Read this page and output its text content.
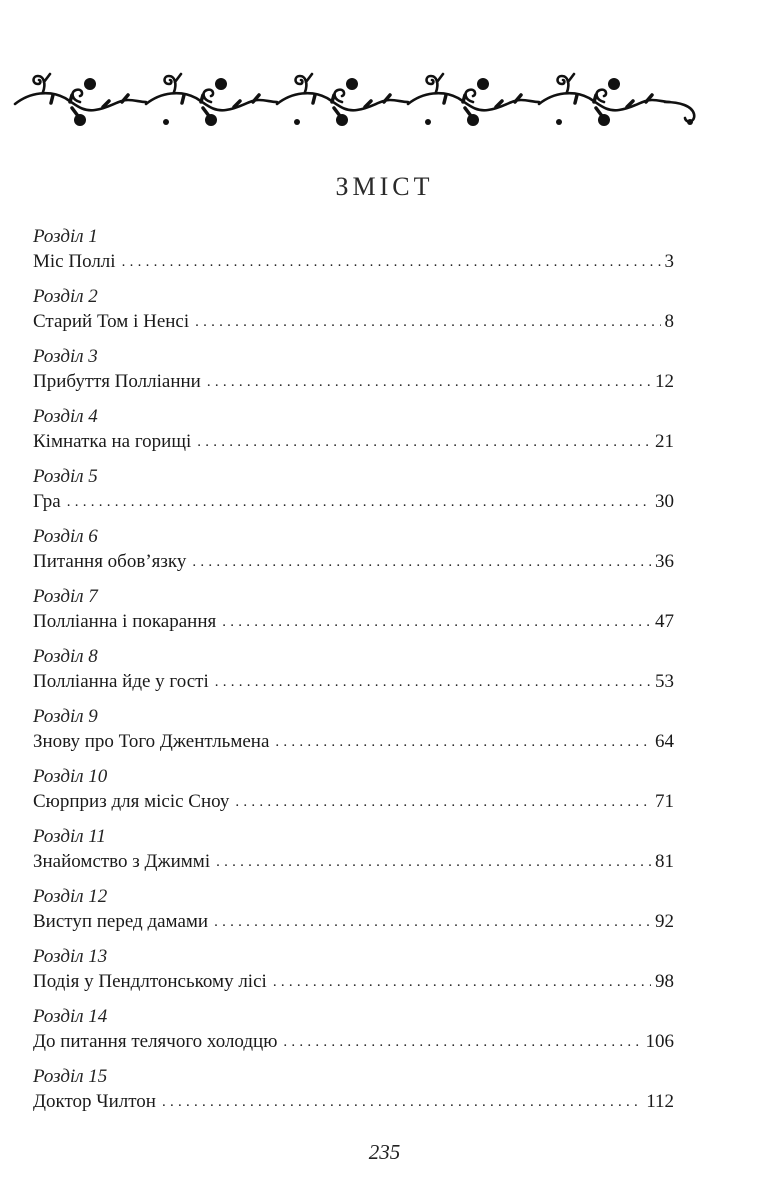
ЗМІСТ
Розділ 1
Міс Поллі . . .	3
Розділ 2
Старий Том і Ненсі . . .	8
Розділ 3
Прибуття Полліанни . . .	12
Розділ 4
Кімнатка на горищі . . .	21
Розділ 5
Гра . . .	30
Розділ 6
Питання обов’язку . . .	36
Розділ 7
Полліанна і покарання . . .	47
Розділ 8
Полліанна йде у гості . . .	53
Розділ 9
Знову про Того Джентльмена . . .	64
Розділ 10
Сюрприз для місіс Сноу . . .	71
Розділ 11
Знайомство з Джиммі . . .	81
Розділ 12
Виступ перед дамами . . .	92
Розділ 13
Подія у Пендлтонському лісі . . .	98
Розділ 14
До питання телячого холодцю . . .	106
Розділ 15
Доктор Чилтон . . .	112
235
